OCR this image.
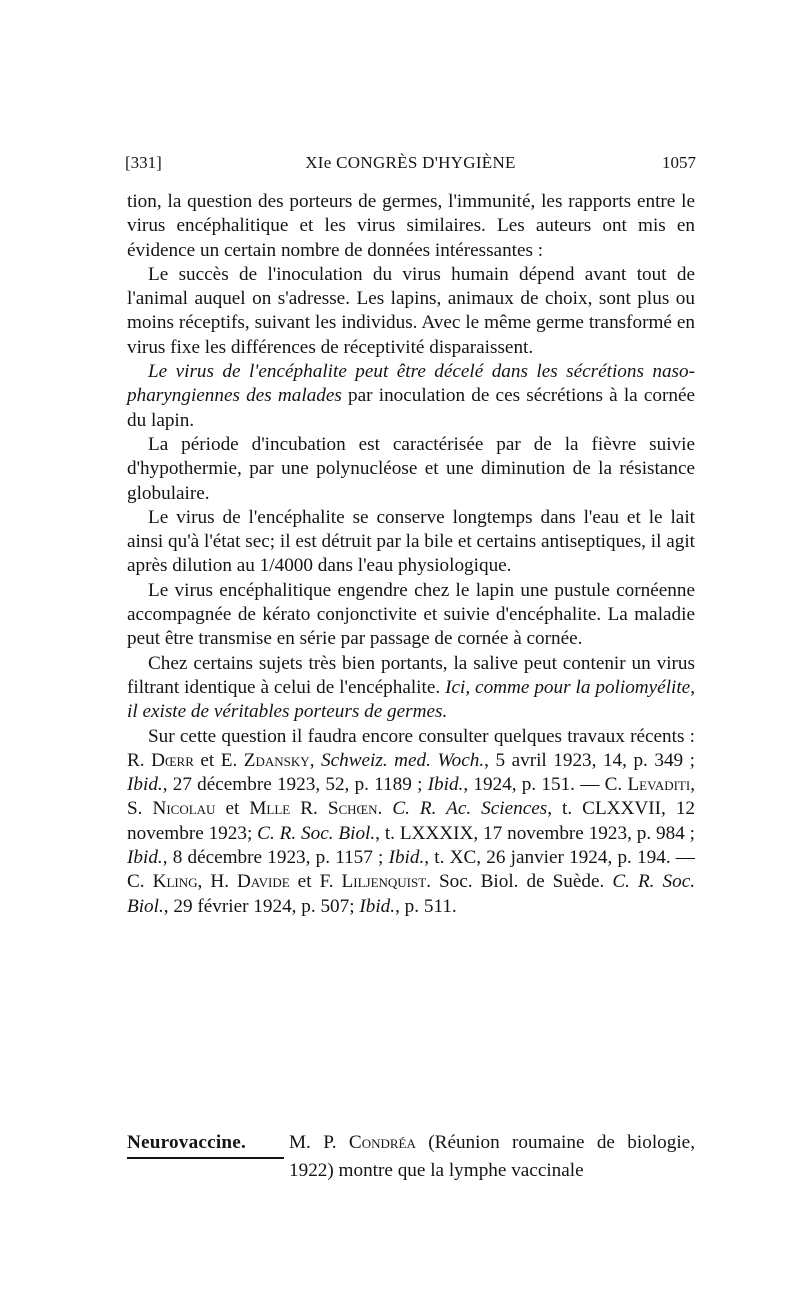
[331]	XIe CONGRÈS D'HYGIÈNE	1057

tion, la question des porteurs de germes, l'immunité, les rapports entre le virus encéphalitique et les virus similaires. Les auteurs ont mis en évidence un certain nombre de données intéressantes :

Le succès de l'inoculation du virus humain dépend avant tout de l'animal auquel on s'adresse. Les lapins, animaux de choix, sont plus ou moins réceptifs, suivant les individus. Avec le même germe transformé en virus fixe les différences de réceptivité disparaissent.

Le virus de l'encéphalite peut être décelé dans les sécrétions naso-pharyngiennes des malades par inoculation de ces sécrétions à la cornée du lapin.

La période d'incubation est caractérisée par de la fièvre suivie d'hypothermie, par une polynucléose et une diminution de la résistance globulaire.

Le virus de l'encéphalite se conserve longtemps dans l'eau et le lait ainsi qu'à l'état sec; il est détruit par la bile et certains antiseptiques, il agit après dilution au 1/4000 dans l'eau physiologique.

Le virus encéphalitique engendre chez le lapin une pustule cornéenne accompagnée de kérato conjonctivite et suivie d'encéphalite. La maladie peut être transmise en série par passage de cornée à cornée.

Chez certains sujets très bien portants, la salive peut contenir un virus filtrant identique à celui de l'encéphalite. Ici, comme pour la poliomyélite, il existe de véritables porteurs de germes.

Sur cette question il faudra encore consulter quelques travaux récents : R. Dœrr et E. Zdansky, Schweiz. med. Woch., 5 avril 1923, 14, p. 349 ; Ibid., 27 décembre 1923, 52, p. 1189 ; Ibid., 1924, p. 151. — C. Levaditi, S. Nicolau et Mlle R. Schœn. C. R. Ac. Sciences, t. CLXXVII, 12 novembre 1923; C. R. Soc. Biol., t. LXXXIX, 17 novembre 1923, p. 984 ; Ibid., 8 décembre 1923, p. 1157 ; Ibid., t. XC, 26 janvier 1924, p. 194. — C. Kling, H. Davide et F. Liljenquist. Soc. Biol. de Suède. C. R. Soc. Biol., 29 février 1924, p. 507; Ibid., p. 511.

Neurovaccine. M. P. Condréa (Réunion roumaine de biologie, 1922) montre que la lymphe vaccinale
